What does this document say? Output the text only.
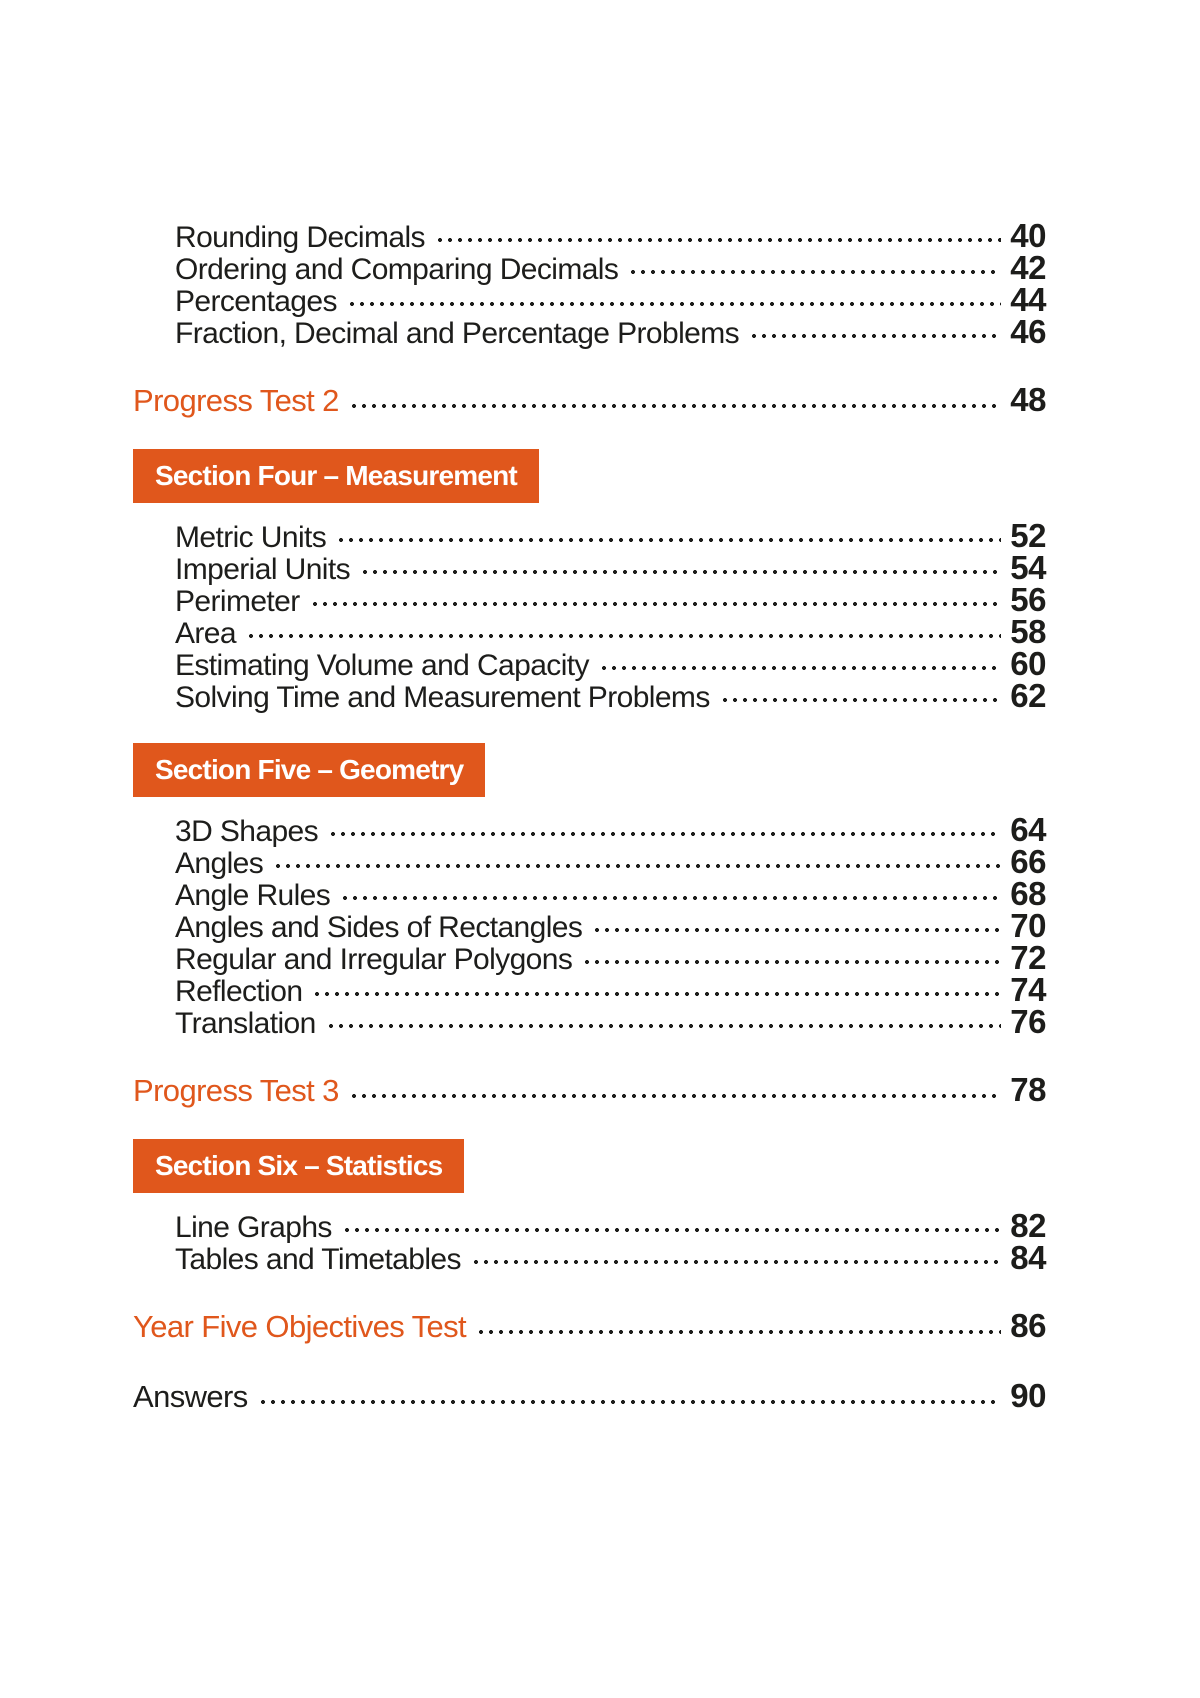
Rounding Decimals	40
Ordering and Comparing Decimals	42
Percentages	44
Fraction, Decimal and Percentage Problems	46
Progress Test 2	48
Section Four – Measurement
Metric Units	52
Imperial Units	54
Perimeter	56
Area	58
Estimating Volume and Capacity	60
Solving Time and Measurement Problems	62
Section Five – Geometry
3D Shapes	64
Angles	66
Angle Rules	68
Angles and Sides of Rectangles	70
Regular and Irregular Polygons	72
Reflection	74
Translation	76
Progress Test 3	78
Section Six – Statistics
Line Graphs	82
Tables and Timetables	84
Year Five Objectives Test	86
Answers	90
